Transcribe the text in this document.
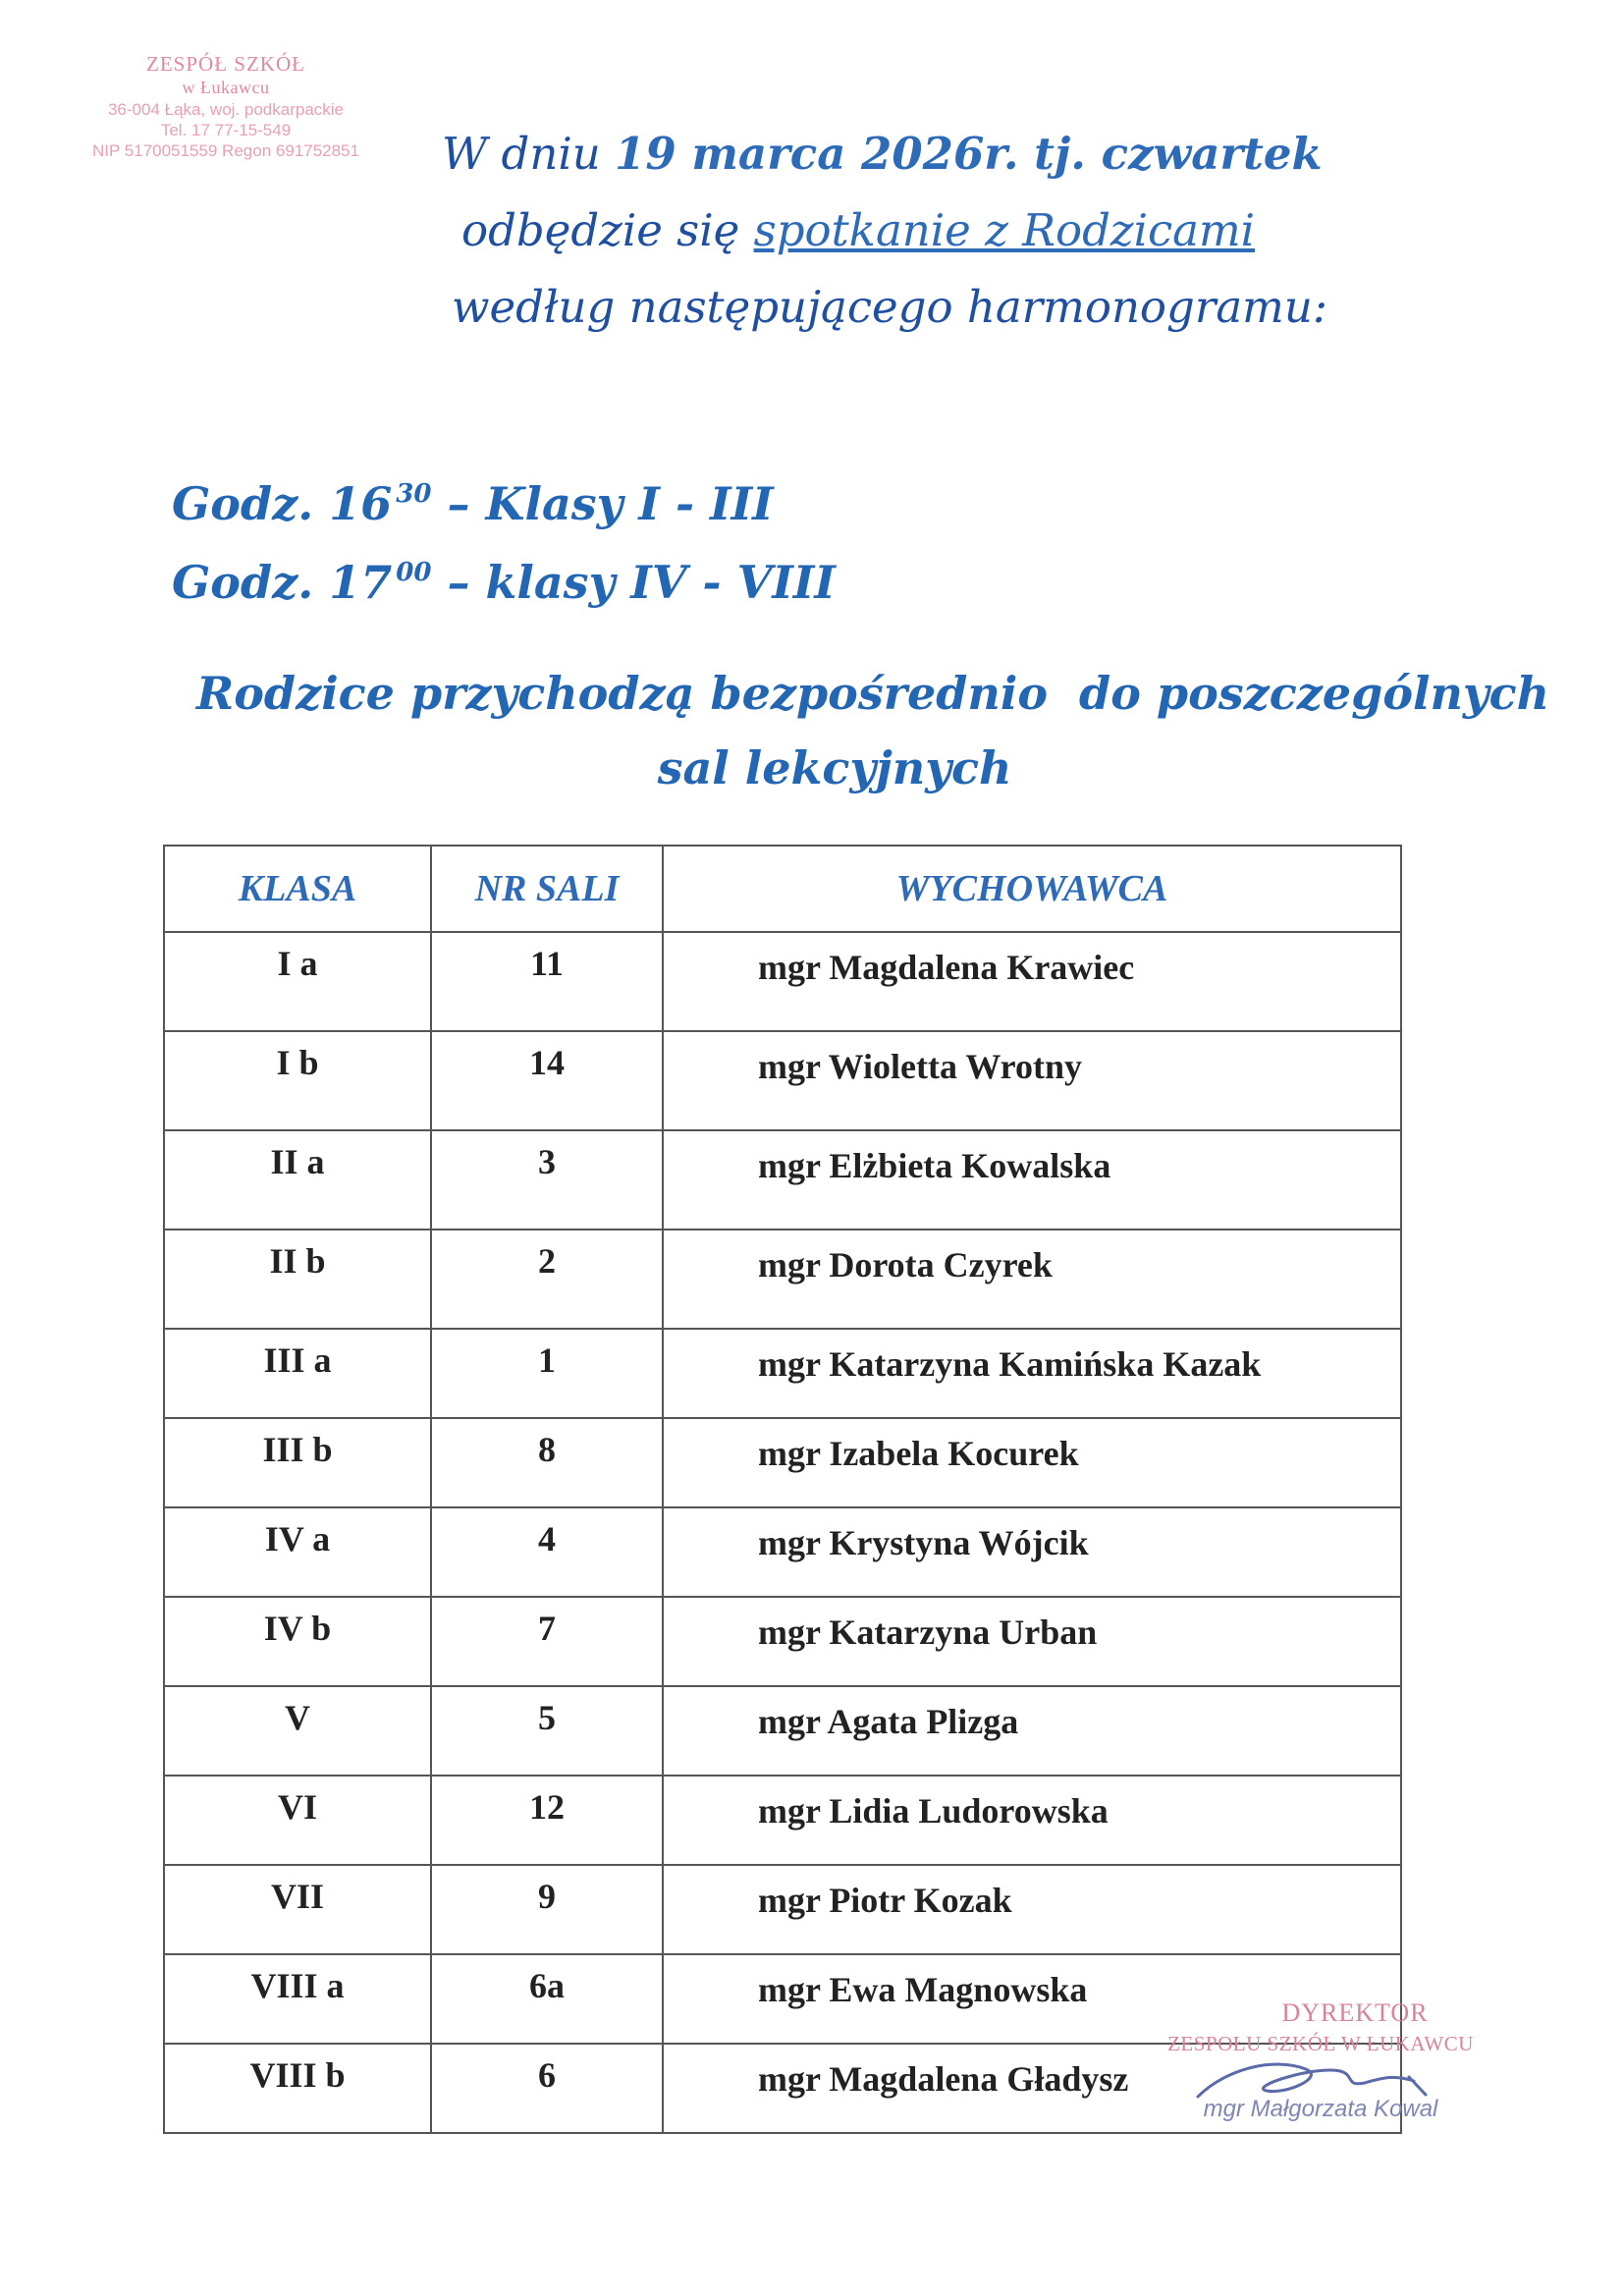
ZESPÓŁ SZKÓŁ
w Łukawcu
36-004 Łąka, woj. podkarpackie
Tel. 17 77-15-549
NIP 5170051559 Regon 691752851	W dniu 19 marca 2026r. tj. czwartek
odbędzie się spotkanie z Rodzicami
według następującego harmonogramu:
Godz. 16 $^{30}$ – Klasy I - III
Godz. 17 $^{00}$ – klasy IV - VIII
Rodzice przychodzą bezpośrednio  do poszczególnych
sal lekcyjnych
KLASA	NR SALI	WYCHOWAWCA
I a	11	mgr Magdalena Krawiec
I b	14	mgr Wioletta Wrotny
II a	3	mgr Elżbieta Kowalska
II b	2	mgr Dorota Czyrek
III a	1	mgr Katarzyna Kamińska Kazak
III b	8	mgr Izabela Kocurek
IV a	4	mgr Krystyna Wójcik
IV b	7	mgr Katarzyna Urban
V	5	mgr Agata Plizga
VI	12	mgr Lidia Ludorowska
VII	9	mgr Piotr Kozak
VIII a	6a	mgr Ewa Magnowska
VIII b	6	mgr Magdalena Gładysz
DYREKTOR
ZESPOŁU SZKÓŁ W ŁUKAWCU
mgr Małgorzata Kowal
